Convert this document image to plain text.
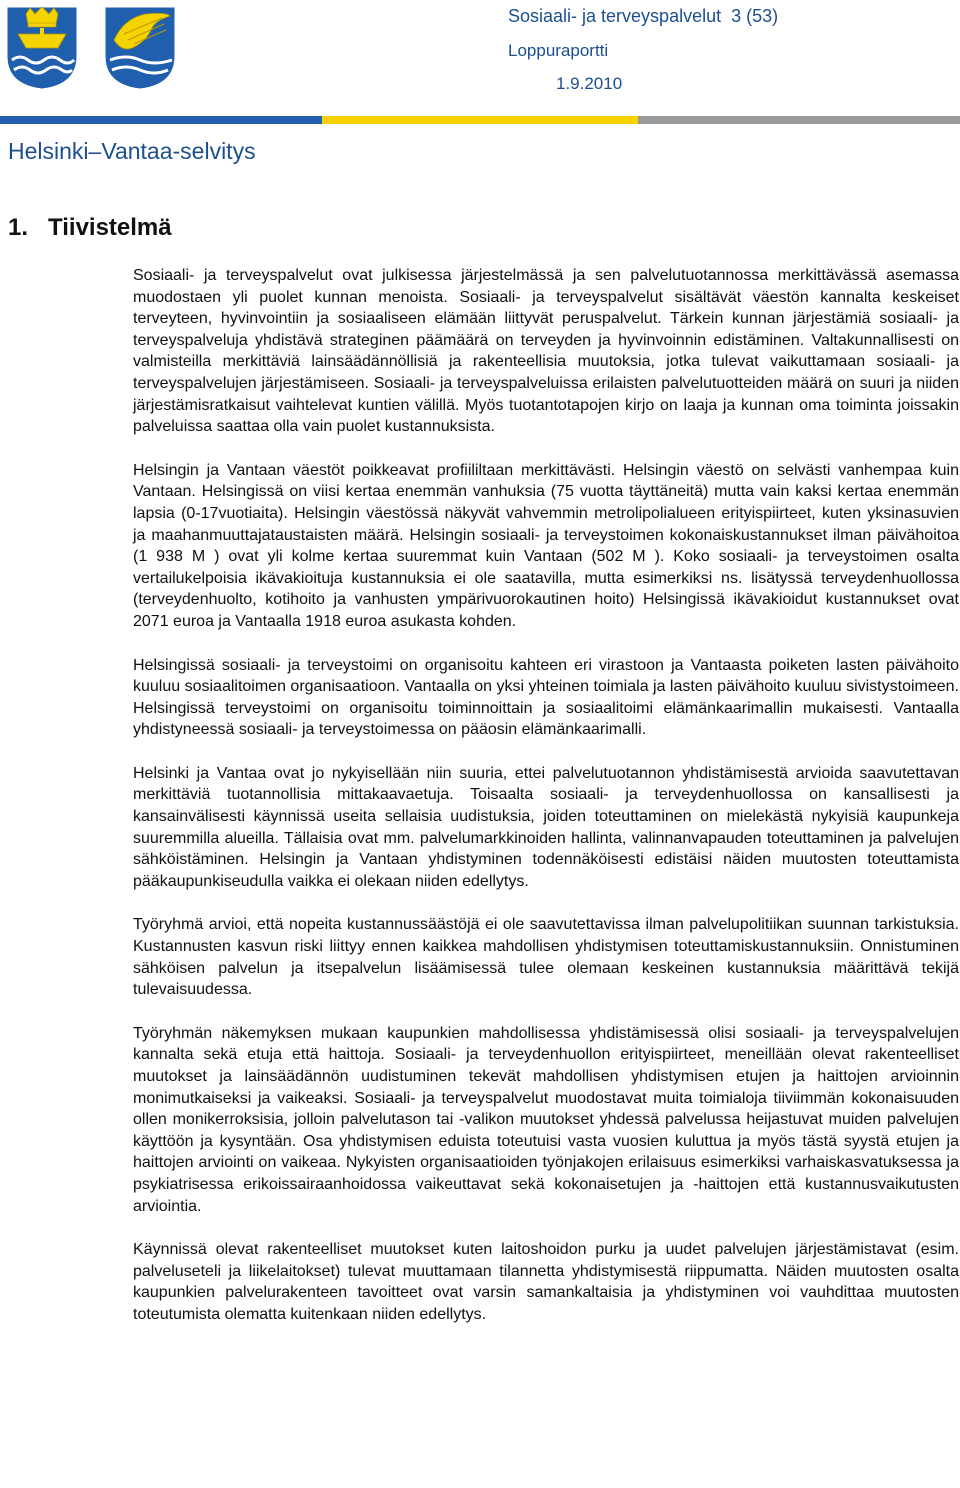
Sosiaali- ja terveyspalvelut  3 (53)
Loppuraportti
1.9.2010
Helsinki–Vantaa-selvitys
1. Tiivistelmä

Sosiaali- ja terveyspalvelut ovat julkisessa järjestelmässä ja sen palvelutuotannossa merkittävässä asemassa muodostaen yli puolet kunnan menoista. Sosiaali- ja terveyspalvelut sisältävät väestön kannalta keskeiset terveyteen, hyvinvointiin ja sosiaaliseen elämään liittyvät peruspalvelut. Tärkein kunnan järjestämiä sosiaali- ja terveyspalveluja yhdistävä strateginen päämäärä on terveyden ja hyvinvoinnin edistäminen. Valtakunnallisesti on valmisteilla merkittäviä lainsäädännöllisiä ja rakenteellisia muutoksia, jotka tulevat vaikuttamaan sosiaali- ja terveyspalvelujen järjestämiseen. Sosiaali- ja terveyspalveluissa erilaisten palvelutuotteiden määrä on suuri ja niiden järjestämisratkaisut vaihtelevat kuntien välillä. Myös tuotantotapojen kirjo on laaja ja kunnan oma toiminta joissakin palveluissa saattaa olla vain puolet kustannuksista.

Helsingin ja Vantaan väestöt poikkeavat profiililtaan merkittävästi. Helsingin väestö on selvästi vanhempaa kuin Vantaan. Helsingissä on viisi kertaa enemmän vanhuksia (75 vuotta täyttäneitä) mutta vain kaksi kertaa enemmän lapsia (0-17vuotiaita). Helsingin väestössä näkyvät vahvemmin metrolipolialueen erityispiirteet, kuten yksinasuvien ja maahanmuuttajataustaisten määrä. Helsingin sosiaali- ja terveystoimen kokonaiskustannukset ilman päivähoitoa (1 938 M ) ovat yli kolme kertaa suuremmat kuin Vantaan (502 M ). Koko sosiaali- ja terveystoimen osalta vertailukelpoisia ikävakioituja kustannuksia ei ole saatavilla, mutta esimerkiksi ns. lisätyssä terveydenhuollossa (terveydenhuolto, kotihoito ja vanhusten ympärivuorokautinen hoito) Helsingissä ikävakioidut kustannukset ovat 2071 euroa ja Vantaalla 1918 euroa asukasta kohden.

Helsingissä sosiaali- ja terveystoimi on organisoitu kahteen eri virastoon ja Vantaasta poiketen lasten päivähoito kuuluu sosiaalitoimen organisaatioon. Vantaalla on yksi yhteinen toimiala ja lasten päivähoito kuuluu sivistystoimeen. Helsingissä terveystoimi on organisoitu toiminnoittain ja sosiaalitoimi elämänkaarimallin mukaisesti. Vantaalla yhdistyneessä sosiaali- ja terveystoimessa on pääosin elämänkaarimalli.

Helsinki ja Vantaa ovat jo nykyisellään niin suuria, ettei palvelutuotannon yhdistämisestä arvioida saavutettavan merkittäviä tuotannollisia mittakaavaetuja. Toisaalta sosiaali- ja terveydenhuollossa on kansallisesti ja kansainvälisesti käynnissä useita sellaisia uudistuksia, joiden toteuttaminen on mielekästä nykyisiä kaupunkeja suuremmilla alueilla. Tällaisia ovat mm. palvelumarkkinoiden hallinta, valinnanvapauden toteuttaminen ja palvelujen sähköistäminen. Helsingin ja Vantaan yhdistyminen todennäköisesti edistäisi näiden muutosten toteuttamista pääkaupunkiseudulla vaikka ei olekaan niiden edellytys.

Työryhmä arvioi, että nopeita kustannussäästöjä ei ole saavutettavissa ilman palvelupolitiikan suunnan tarkistuksia. Kustannusten kasvun riski liittyy ennen kaikkea mahdollisen yhdistymisen toteuttamiskustannuksiin. Onnistuminen sähköisen palvelun ja itsepalvelun lisäämisessä tulee olemaan keskeinen kustannuksia määrittävä tekijä tulevaisuudessa.

Työryhmän näkemyksen mukaan kaupunkien mahdollisessa yhdistämisessä olisi sosiaali- ja terveyspalvelujen kannalta sekä etuja että haittoja. Sosiaali- ja terveydenhuollon erityispiirteet, meneillään olevat rakenteelliset muutokset ja lainsäädännön uudistuminen tekevät mahdollisen yhdistymisen etujen ja haittojen arvioinnin monimutkaiseksi ja vaikeaksi. Sosiaali- ja terveyspalvelut muodostavat muita toimialoja tiiviimmän kokonaisuuden ollen monikerroksisia, jolloin palvelutason tai -valikon muutokset yhdessä palvelussa heijastuvat muiden palvelujen käyttöön ja kysyntään. Osa yhdistymisen eduista toteutuisi vasta vuosien kuluttua ja myös tästä syystä etujen ja haittojen arviointi on vaikeaa. Nykyisten organisaatioiden työnjakojen erilaisuus esimerkiksi varhaiskasvatuksessa ja psykiatrisessa erikoissairaanhoidossa vaikeuttavat sekä kokonaisetujen ja -haittojen että kustannusvaikutusten arviointia.

Käynnissä olevat rakenteelliset muutokset kuten laitoshoidon purku ja uudet palvelujen järjestämistavat (esim. palveluseteli ja liikelaitokset) tulevat muuttamaan tilannetta yhdistymisestä riippumatta. Näiden muutosten osalta kaupunkien palvelurakenteen tavoitteet ovat varsin samankaltaisia ja yhdistyminen voi vauhdittaa muutosten toteutumista olematta kuitenkaan niiden edellytys.
